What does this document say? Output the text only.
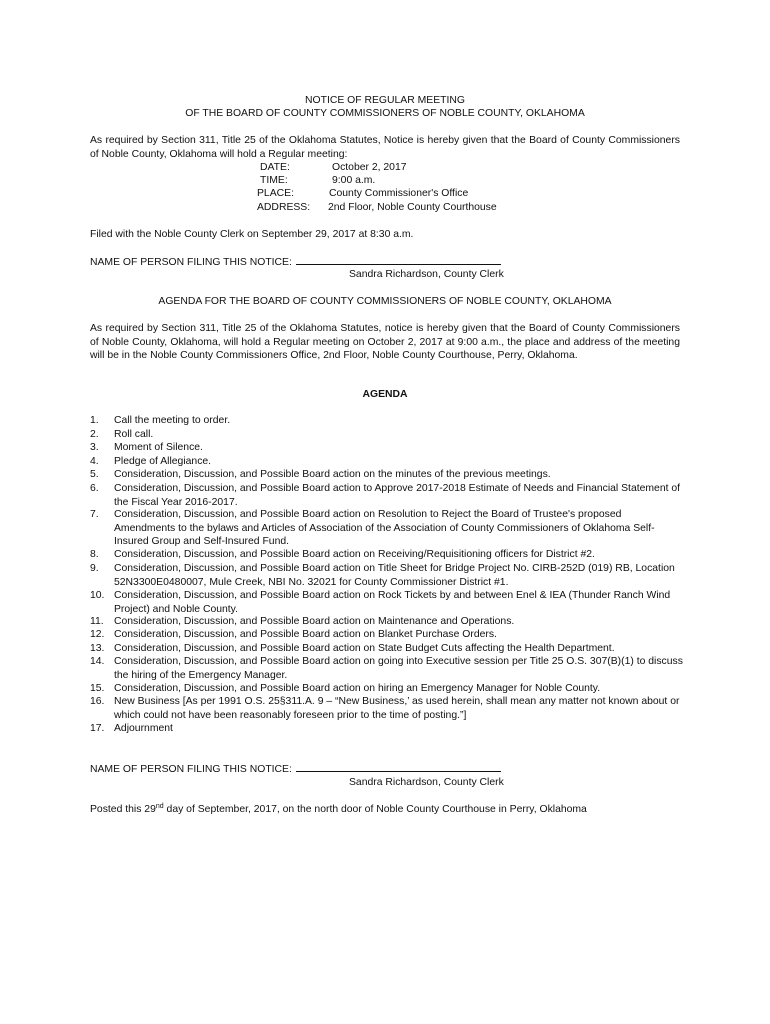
NOTICE OF REGULAR MEETING
OF THE BOARD OF COUNTY COMMISSIONERS OF NOBLE COUNTY, OKLAHOMA
As required by Section 311, Title 25 of the Oklahoma Statutes, Notice is hereby given that the Board of County Commissioners of Noble County, Oklahoma will hold a Regular meeting:
DATE:	October 2, 2017
TIME:	9:00 a.m.
PLACE:	County Commissioner's Office
ADDRESS: 2nd Floor, Noble County Courthouse
Filed with the Noble County Clerk on September 29, 2017 at 8:30 a.m.
NAME OF PERSON FILING THIS NOTICE:
Sandra Richardson, County Clerk
AGENDA FOR THE BOARD OF COUNTY COMMISSIONERS OF NOBLE COUNTY, OKLAHOMA
As required by Section 311, Title 25 of the Oklahoma Statutes, notice is hereby given that the Board of County Commissioners of Noble County, Oklahoma, will hold a Regular meeting on October 2, 2017 at 9:00 a.m., the place and address of the meeting will be in the Noble County Commissioners Office, 2nd Floor, Noble County Courthouse, Perry, Oklahoma.
AGENDA
1.	Call the meeting to order.
2.	Roll call.
3.	Moment of Silence.
4.	Pledge of Allegiance.
5.	Consideration, Discussion, and Possible Board action on the minutes of the previous meetings.
6.	Consideration, Discussion, and Possible Board action to Approve 2017-2018 Estimate of Needs and Financial Statement of the Fiscal Year 2016-2017.
7.	Consideration, Discussion, and Possible Board action on Resolution to Reject the Board of Trustee's proposed Amendments to the bylaws and Articles of Association of the Association of County Commissioners of Oklahoma Self-Insured Group and Self-Insured Fund.
8.	Consideration, Discussion, and Possible Board action on Receiving/Requisitioning officers for District #2.
9.	Consideration, Discussion, and Possible Board action on Title Sheet for Bridge Project No. CIRB-252D (019) RB, Location 52N3300E0480007, Mule Creek, NBI No. 32021 for County Commissioner District #1.
10. Consideration, Discussion, and Possible Board action on Rock Tickets by and between Enel & IEA (Thunder Ranch Wind Project) and Noble County.
11. Consideration, Discussion, and Possible Board action on Maintenance and Operations.
12. Consideration, Discussion, and Possible Board action on Blanket Purchase Orders.
13. Consideration, Discussion, and Possible Board action on State Budget Cuts affecting the Health Department.
14. Consideration, Discussion, and Possible Board action on going into Executive session per Title 25 O.S. 307(B)(1) to discuss the hiring of the Emergency Manager.
15. Consideration, Discussion, and Possible Board action on hiring an Emergency Manager for Noble County.
16. New Business [As per 1991 O.S. 25§311.A. 9 – “New Business,’ as used herein, shall mean any matter not known about or which could not have been reasonably foreseen prior to the time of posting.”]
17. Adjournment
NAME OF PERSON FILING THIS NOTICE:
Sandra Richardson, County Clerk
Posted this 29nd day of September, 2017, on the north door of Noble County Courthouse in Perry, Oklahoma
